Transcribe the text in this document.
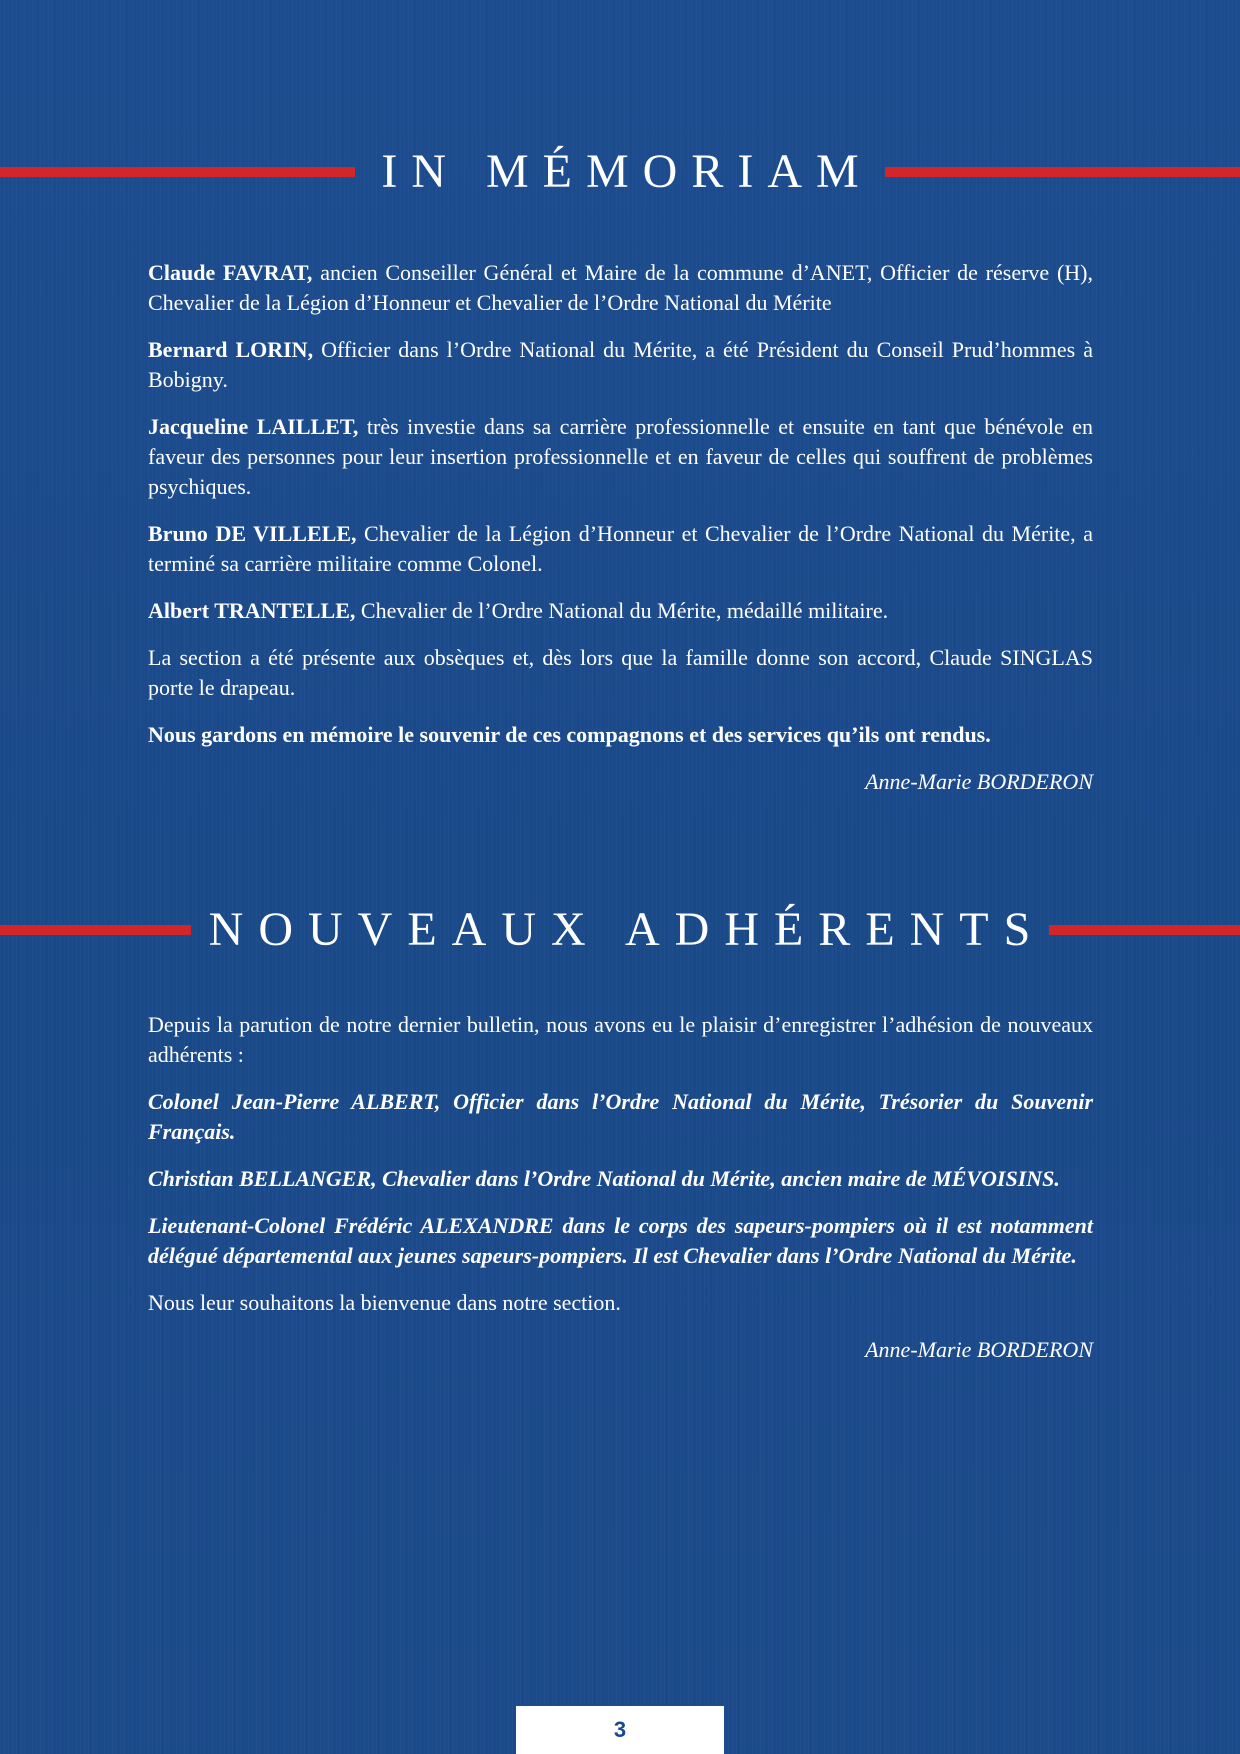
IN MÉMORIAM

Claude FAVRAT, ancien Conseiller Général et Maire de la commune d’ANET, Officier de réserve (H), Chevalier de la Légion d’Honneur et Chevalier de l’Ordre National du Mérite

Bernard LORIN, Officier dans l’Ordre National du Mérite, a été Président du Conseil Prud’hommes à Bobigny.

Jacqueline LAILLET, très investie dans sa carrière professionnelle et ensuite en tant que bénévole en faveur des personnes pour leur insertion professionnelle et en faveur de celles qui souffrent de problèmes psychiques.

Bruno DE VILLELE, Chevalier de la Légion d’Honneur et Chevalier de l’Ordre National du Mérite, a terminé sa carrière militaire comme Colonel.

Albert TRANTELLE, Chevalier de l’Ordre National du Mérite, médaillé militaire.

La section a été présente aux obsèques et, dès lors que la famille donne son accord, Claude SINGLAS porte le drapeau.

Nous gardons en mémoire le souvenir de ces compagnons et des services qu’ils ont rendus.

Anne-Marie BORDERON

NOUVEAUX ADHÉRENTS

Depuis la parution de notre dernier bulletin, nous avons eu le plaisir d’enregistrer l’adhésion de nouveaux adhérents :

Colonel Jean-Pierre ALBERT, Officier dans l’Ordre National du Mérite, Trésorier du Souvenir Français.

Christian BELLANGER, Chevalier dans l’Ordre National du Mérite, ancien maire de MÉVOISINS.

Lieutenant-Colonel Frédéric ALEXANDRE dans le corps des sapeurs-pompiers où il est notamment délégué départemental aux jeunes sapeurs-pompiers. Il est Chevalier dans l’Ordre National du Mérite.

Nous leur souhaitons la bienvenue dans notre section.

Anne-Marie BORDERON

3
